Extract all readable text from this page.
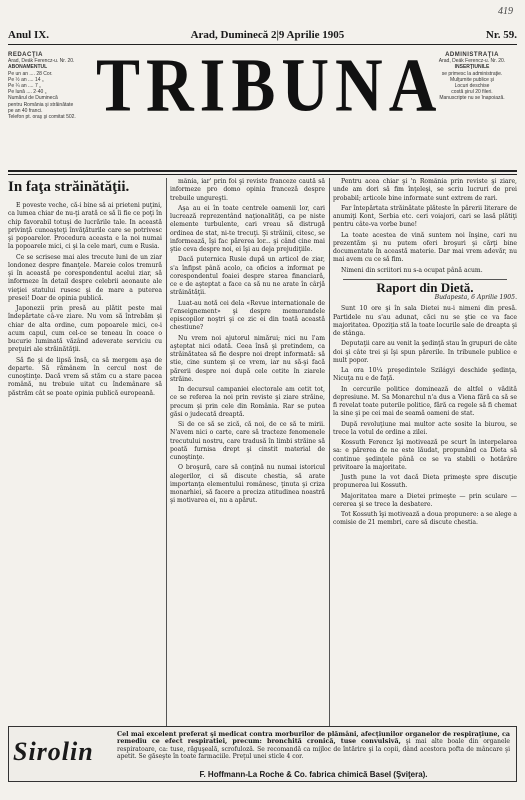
419
Anul IX.	Arad, Duminecă 2|9 Aprilie 1905	Nr. 59.
REDACŢIA
Arad, Deák Ferencz-u. Nr. 20.
ABONAMENTUL
Pe un an .... 28 Cor.
Pe ½ an .... 14 „
Pe ¼ an .... 7 „
Pe lună .... 2·40 „
Numărul de Duminecă
pentru România şi străinătate
pe an 40 franci.
Telefon pt. oraş şi comitat 502. TRIBUNA ADMINISTRAŢIA
Arad, Deák Ferencz-u. Nr. 20.
INSERŢIUNILE
se primesc la administraţie.
Mulţumite publice şi
Locuri deschise
costă şirul 20 fileri.
Manuscripte nu se înapoiază.
In faţa străinătăţii.

E poveste veche, că-i bine să ai prieteni puţini, ca lumea chiar de nu-ţi arată ce să îi fie ce poţi în chip favorabil totuşi de lucrările tale. In această privinţă cunoaşteţi învăţăturile care se potrivesc şi popoarelor. Procedura aceasta e la noi numai la popoarele mici, ci şi la cele mari, cum e Rusia.

Ce se scrisese mai ales trecute luni de un ziar londonez despre finanţele. Mareie colos tremură şi în această pe corespondentul acelui ziar, să informeze în detail despre celebrii aeonaute ale vieţiei statului rusesc şi de mare a puterea presei! Doar de opinia publică.

Japonezii prin presă au plătit peste mai îndepărtate câ-ve ziare. Nu vom să întrebăm şi chiar de alta ordine, cum popoarele mici, ce-i acum capul, cum cel-ce se teneau în coace o bucurie luminată văzând adeverate serviciu cu preţuiri ale străinătăţii.

Să fie şi de lipsă însă, ca să mergem aşa de departe. Să rămânem în cercul nost de cunoştinţe. Dacă vrem să stăm cu a stare pacea română, nu trebuie uitat cu îndemânare să păstrăm cât se poate opinia publică europeană.

mânia, iar' prin foi şi reviste franceze caută să informeze pro domo opinia franceză despre trebuile ungureşti.

Aşa au ei în toate centrele oamenii lor, cari lucrează reprezentând naţionalităţi, ca pe niste elemente turbulente, cari vreau să distrugă ordinea de stat, ni-te trecuţi. Şi străinii, citesc, se informează, îşi fac părerea lor... şi când cine mai ştie ceva despre noi, ei îşi au deja prejudiţiile.

Dacă puternica Rusie după un articol de ziar, s'a înfipst până acolo, ca oficios a informat pe corespondentul foaiei despre starea financiară, ce e de aşteptat a face ca să nu ne arate în cârjă străinătăţii.

Luat-au notă cei dela «Revue internationale de l'enseignement» şi despre memorandele episcopilor noştri şi ce zic ei din toată această chestiune?

Nu vrem noi ajutorul nimărui; nici nu l'am aşteptat nici odată. Ceea însă şi pretindem, ca străinătatea să fie despre noi drept informată: să stie, cine suntem şi ce vrem, iar nu să-şi facă părerii despre noi după cele cetite în ziarele străine.

In decursul campaniei electorale am cetit tot, ce se referea la noi prin reviste şi ziare străine, precum şi prin cele din România. Rar se putea găsi o judecată dreaptă.

Si de ce să se zică, că noi, de ce să te mirii. N'avem nici o carte, care să tracteze fenomenele trecutului nostru, care tradusă în limbi străine să poată furnisa drept şi cinstit material de cunoştinţe.

O broşură, care să conţină nu numai istoricul alegerilor, ci să discute chestia, să arate importanţa elementului românesc, ţinuta şi criza monarhiei, să facere a preciza atitudinea noastră şi motivarea ei, nu a apărut.

Pentru acea chiar şi 'n România prin reviste şi ziare, unde am dori să fim înţeleşi, se scriu lucruri de prei probabil; articole bine informate sunt extrem de rari.

Far întepărtata străinătate plăteste în părerii literare de anumiţi Kont, Serbia etc. ceri voiajori, cari se lasă plătiţi pentru câte-va vorbe bune!

La toate acestea de vină suntem noi înşine, cari nu prezentăm şi nu putem oferi broşuri şi cărţi bine documentate în această materie. Dar mai vrem adevăr, nu mai avem cu ce să fim.

Nimeni din scriitori nu s-a ocupat până acum.

Raport din Dietă.
Budapesta, 6 Aprilie 1905.

Sunt 10 ore şi în sala Dietei nu-i nimeni din presă. Partidele nu s'au adunat, căci nu se ştie ce va face majoritatea. Opoziţia stă la toate locurile sale de dreapta şi de stânga.

Deputaţii care au venit la şedinţă stau în grupuri de câte doi şi câte trei şi îşi spun părerile. In tribunele publice e mult popor.

La ora 10¼ preşedintele Szilágyi deschide şedinţa, Nicuţa nu e de faţă.

In cercurile politice dominează de altfel o vădită depresiune. M. Sa Monarchul n'a dus a Viena fără ca să se fi revelat toate puterile politice, fără ca regele să fi chemat la sine şi pe cei mai de seamă oameni de stat.

După revoluţiune mai multor acte sosite la biurou, se trece la votul de ordine a zilei.

Kossuth Ferencz îşi motivează pe scurt în interpelarea sa: e părerea de ne este lăudat, propunând ca Dieta să continue şedinţele până ce se va stabili o hotărâre privitoare la majoritate.

Justh pune la vot dacă Dieta primeşte spre discuţie propunerea lui Kossuth.

Majoritatea mare a Dietei primeşte — prin sculare — cererea şi se trece la desbatere.

Tot Kossuth îşi motivează a doua propunere: a se alege a comisie de 21 membri, care să discute chestia.

Sirolin
Cel mai excelent preferat şi medicat contra morburilor de plămâni, afecţiunilor organelor de respiraţiune, ca remediu ce efect respiratiei, precum: bronchită cronică, tuse convulsivă, şi mai alte boale din organele respiratoare, ca: tuse, răguşeală, scrofuloză. Se recomandă ca mijloc de întărire şi la copii, dând acestora pofta de mâncare şi apetit. Se găseşte în toate farmaciile. Preţul unei sticle 4 cor.
F. Hoffmann-La Roche & Co. fabrica chimică Basel (Şviţera).
